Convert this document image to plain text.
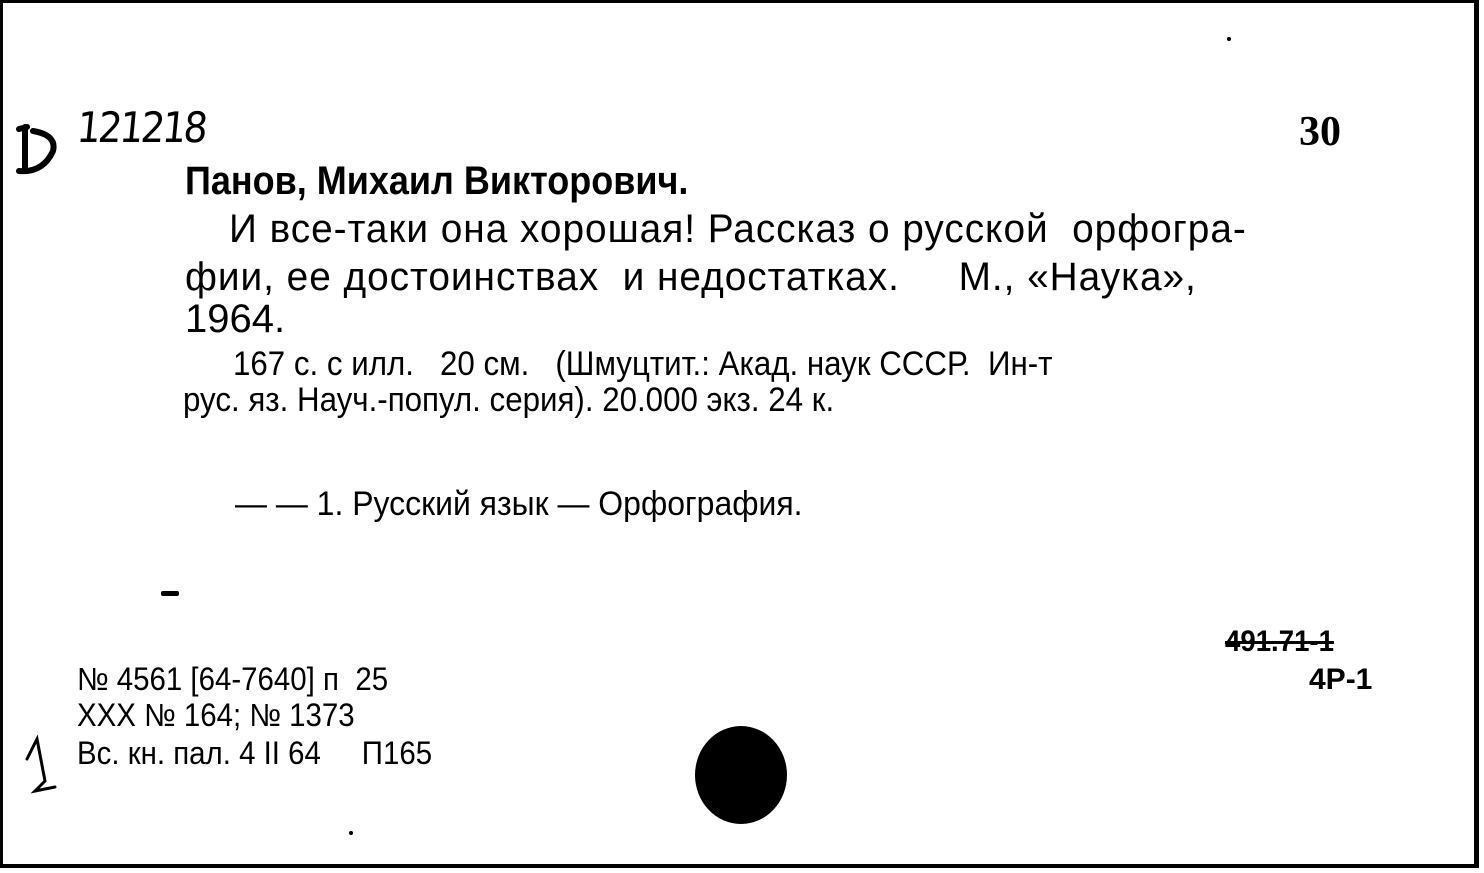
121218	30
Панов, Михаил Викторович.
И все-таки она хорошая! Рассказ о русской  орфогра-
фии, ее достоинствах  и недостатках.     М., «Наука»,
1964.
167 с. с илл.   20 см.   (Шмуцтит.: Акад. наук СССР.  Ин-т
рус. яз. Науч.-попул. серия). 20.000 экз. 24 к.
— — 1. Русский язык — Орфография.
№ 4561 [64-7640] п  25
XXX № 164; № 1373
Вс. кн. пал. 4 II 64     П165
491.71-1
4Р-1
